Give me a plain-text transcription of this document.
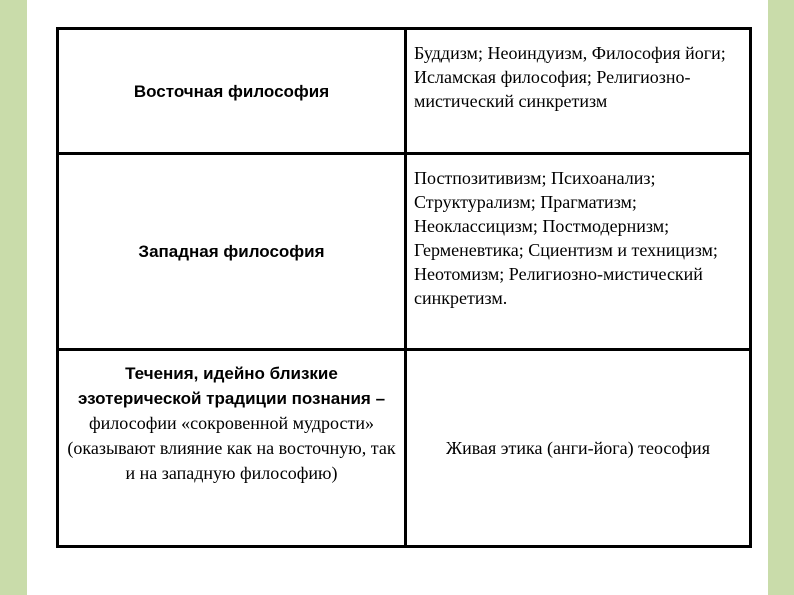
Восточная философия	Буддизм; Неоиндуизм, Философия йоги; Исламская философия; Религиозно-мистический синкретизм

Западная философия	Постпозитивизм; Психоанализ; Структурализм; Прагматизм; Неоклассицизм; Постмодернизм; Герменевтика; Сциентизм и техницизм; Неотомизм; Религиозно-мистический синкретизм.

Течения, идейно близкие эзотерической традиции познания – философии «сокровенной мудрости» (оказывают влияние как на восточную, так и на западную философию)	Живая этика (анги-йога) теософия
